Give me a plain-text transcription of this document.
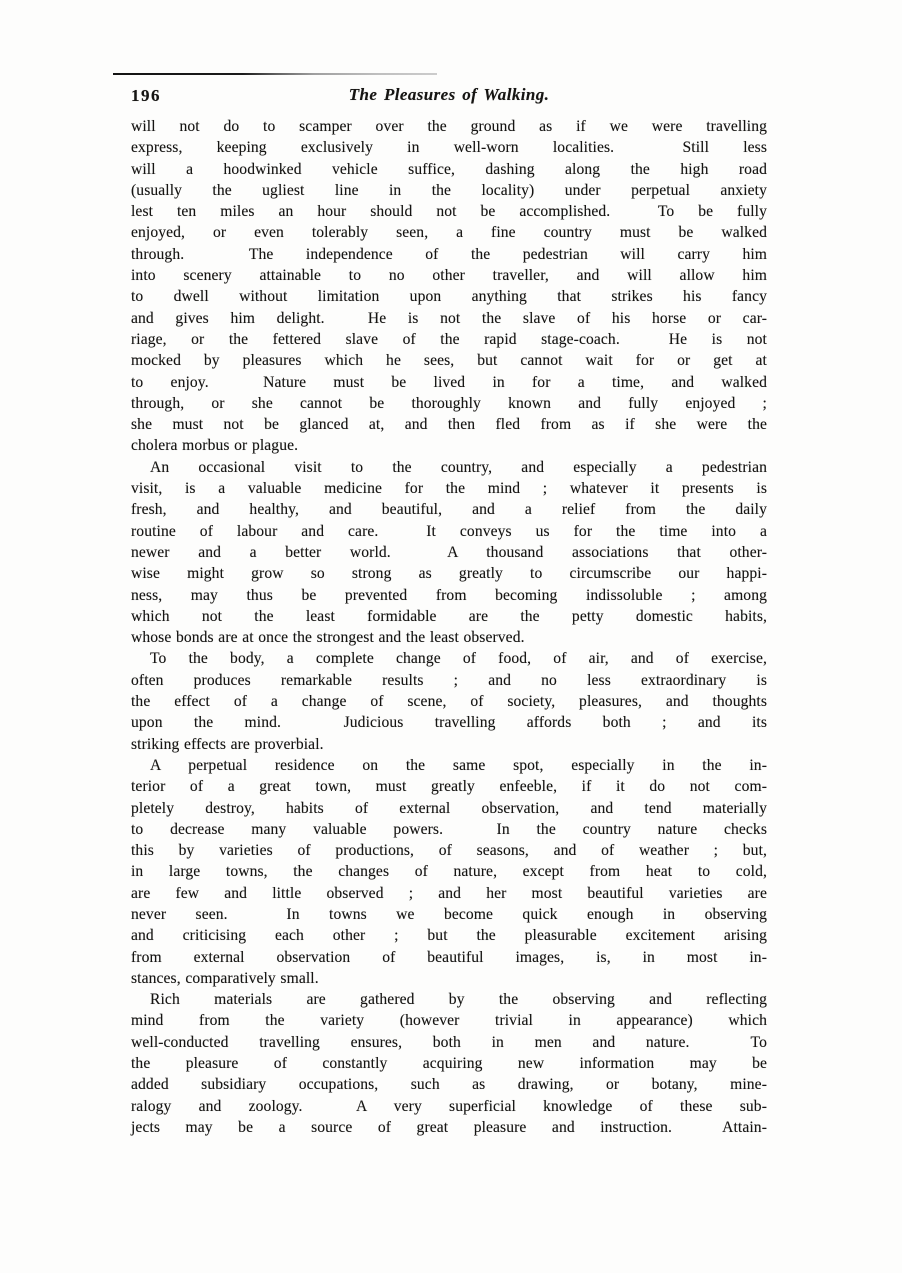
196	The Pleasures of Walking.
will not do to scamper over the ground as if we were travelling
express, keeping exclusively in well-worn localities.  Still less
will a hoodwinked vehicle suffice, dashing along the high road
(usually the ugliest line in the locality) under perpetual anxiety
lest ten miles an hour should not be accomplished.  To be fully
enjoyed, or even tolerably seen, a fine country must be walked
through.  The independence of the pedestrian will carry him
into scenery attainable to no other traveller, and will allow him
to dwell without limitation upon anything that strikes his fancy
and gives him delight.  He is not the slave of his horse or car-
riage, or the fettered slave of the rapid stage-coach.  He is not
mocked by pleasures which he sees, but cannot wait for or get at
to enjoy.  Nature must be lived in for a time, and walked
through, or she cannot be thoroughly known and fully enjoyed ;
she must not be glanced at, and then fled from as if she were the
cholera morbus or plague.
An occasional visit to the country, and especially a pedestrian
visit, is a valuable medicine for the mind ; whatever it presents is
fresh, and healthy, and beautiful, and a relief from the daily
routine of labour and care.  It conveys us for the time into a
newer and a better world.  A thousand associations that other-
wise might grow so strong as greatly to circumscribe our happi-
ness, may thus be prevented from becoming indissoluble ; among
which not the least formidable are the petty domestic habits,
whose bonds are at once the strongest and the least observed.
To the body, a complete change of food, of air, and of exercise,
often produces remarkable results ; and no less extraordinary is
the effect of a change of scene, of society, pleasures, and thoughts
upon the mind.  Judicious travelling affords both ; and its
striking effects are proverbial.
A perpetual residence on the same spot, especially in the in-
terior of a great town, must greatly enfeeble, if it do not com-
pletely destroy, habits of external observation, and tend materially
to decrease many valuable powers.  In the country nature checks
this by varieties of productions, of seasons, and of weather ; but,
in large towns, the changes of nature, except from heat to cold,
are few and little observed ; and her most beautiful varieties are
never seen.  In towns we become quick enough in observing
and criticising each other ; but the pleasurable excitement arising
from external observation of beautiful images, is, in most in-
stances, comparatively small.
Rich materials are gathered by the observing and reflecting
mind from the variety (however trivial in appearance) which
well-conducted travelling ensures, both in men and nature.  To
the pleasure of constantly acquiring new information may be
added subsidiary occupations, such as drawing, or botany, mine-
ralogy and zoology.  A very superficial knowledge of these sub-
jects may be a source of great pleasure and instruction.  Attain-
